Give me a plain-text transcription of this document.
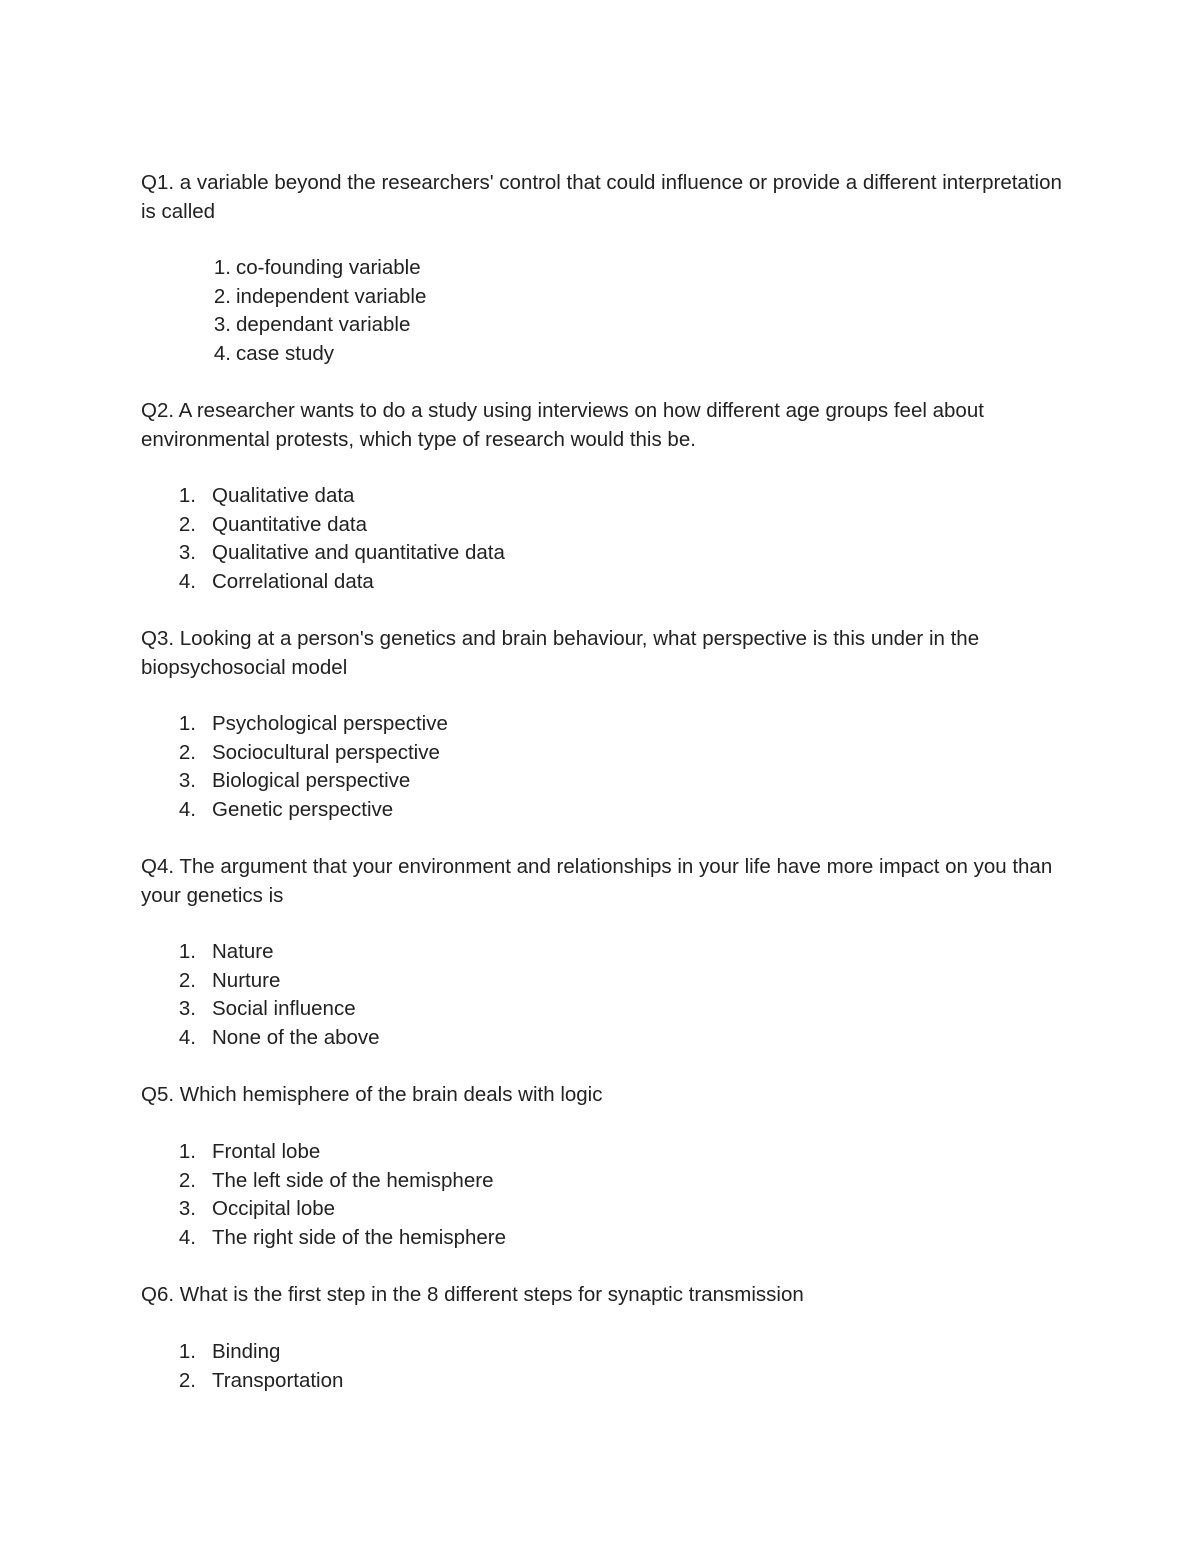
Q1. a variable beyond the researchers' control that could influence or provide a different interpretation is called

1. co-founding variable
2. independent variable
3. dependant variable
4. case study

Q2. A researcher wants to do a study using interviews on how different age groups feel about environmental protests, which type of research would this be.

1. Qualitative data
2. Quantitative data
3. Qualitative and quantitative data
4. Correlational data

Q3. Looking at a person's genetics and brain behaviour, what perspective is this under in the biopsychosocial model

1. Psychological perspective
2. Sociocultural perspective
3. Biological perspective
4. Genetic perspective

Q4. The argument that your environment and relationships in your life have more impact on you than your genetics is

1. Nature
2. Nurture
3. Social influence
4. None of the above

Q5. Which hemisphere of the brain deals with logic

1. Frontal lobe
2. The left side of the hemisphere
3. Occipital lobe
4. The right side of the hemisphere

Q6. What is the first step in the 8 different steps for synaptic transmission

1. Binding
2. Transportation
